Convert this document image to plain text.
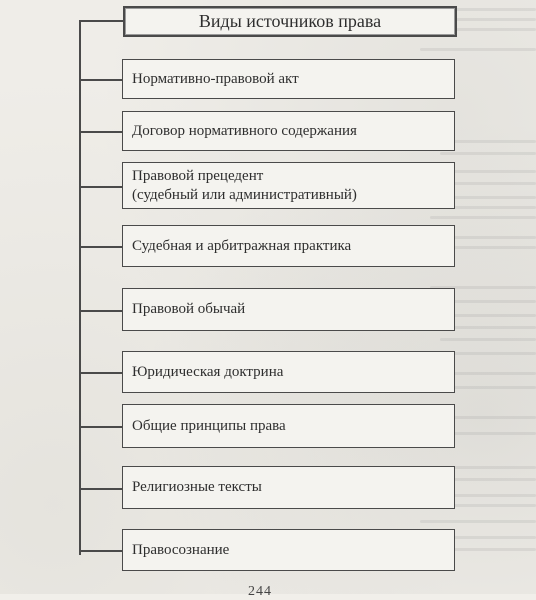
Виды источников права
Нормативно-правовой акт
Договор нормативного содержания
Правовой прецедент
(судебный или административный)
Судебная и арбитражная практика
Правовой обычай
Юридическая доктрина
Общие принципы права
Религиозные тексты
Правосознание
244
